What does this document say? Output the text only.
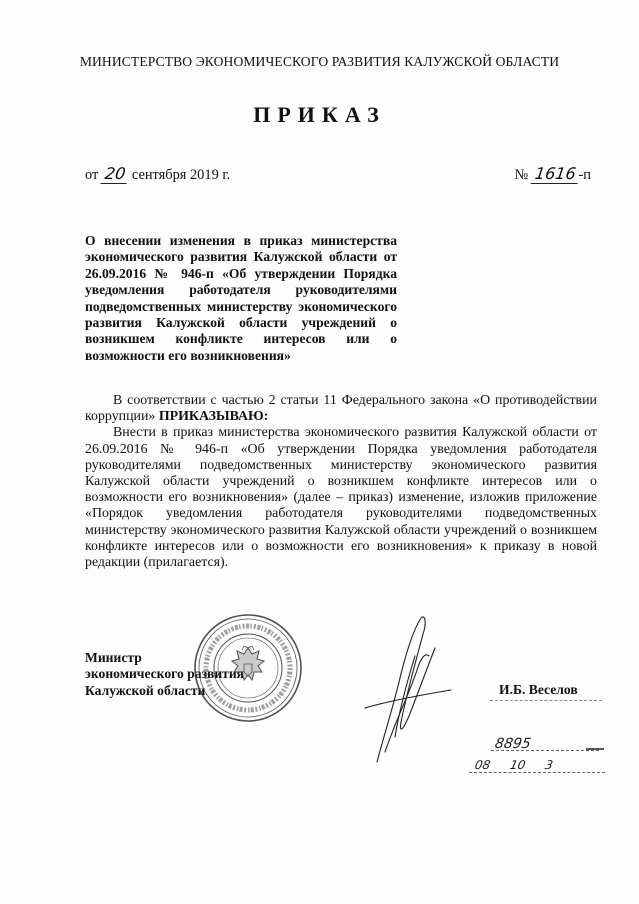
МИНИСТЕРСТВО ЭКОНОМИЧЕСКОГО РАЗВИТИЯ КАЛУЖСКОЙ ОБЛАСТИ
ПРИКАЗ
от 20 сентября 2019 г.	№ 1616 -п
О внесении изменения в приказ министерства экономического развития Калужской области от 26.09.2016 № 946-п «Об утверждении Порядка уведомления работодателя руководителями подведомственных министерству экономического развития Калужской области учреждений о возникшем конфликте интересов или о возможности его возникновения»

В соответствии с частью 2 статьи 11 Федерального закона «О противодействии коррупции» ПРИКАЗЫВАЮ:

Внести в приказ министерства экономического развития Калужской области от 26.09.2016 № 946-п «Об утверждении Порядка уведомления работодателя руководителями подведомственных министерству экономического развития Калужской области учреждений о возникшем конфликте интересов или о возможности его возникновения» (далее – приказ) изменение, изложив приложение «Порядок уведомления работодателя руководителями подведомственных министерству экономического развития Калужской области учреждений о возникшем конфликте интересов или о возможности его возникновения» к приказу в новой редакции (прилагается).

Министр
экономического развития
Калужской области	И.Б. Веселов
8895
08 10 3
